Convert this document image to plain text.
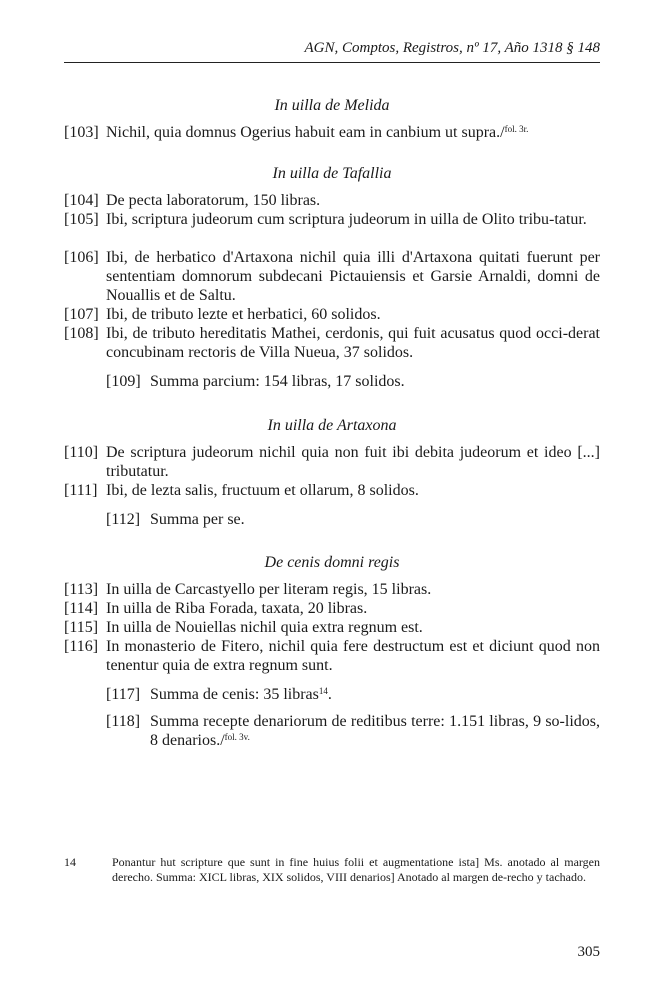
AGN, Comptos, Registros, nº 17, Año 1318 § 148
In uilla de Melida
[103] Nichil, quia domnus Ogerius habuit eam in canbium ut supra./$^{fol. 3r.}$
In uilla de Tafallia
[104] De pecta laboratorum, 150 libras.
[105] Ibi, scriptura judeorum cum scriptura judeorum in uilla de Olito tribu-tatur.
[106] Ibi, de herbatico d'Artaxona nichil quia illi d'Artaxona quitati fuerunt per sententiam domnorum subdecani Pictauiensis et Garsie Arnaldi, domni de Nouallis et de Saltu.
[107] Ibi, de tributo lezte et herbatici, 60 solidos.
[108] Ibi, de tributo hereditatis Mathei, cerdonis, qui fuit acusatus quod occi-derat concubinam rectoris de Villa Nueua, 37 solidos.
[109] Summa parcium: 154 libras, 17 solidos.
In uilla de Artaxona
[110] De scriptura judeorum nichil quia non fuit ibi debita judeorum et ideo [...] tributatur.
[111] Ibi, de lezta salis, fructuum et ollarum, 8 solidos.
[112] Summa per se.
De cenis domni regis
[113] In uilla de Carcastyello per literam regis, 15 libras.
[114] In uilla de Riba Forada, taxata, 20 libras.
[115] In uilla de Nouiellas nichil quia extra regnum est.
[116] In monasterio de Fitero, nichil quia fere destructum est et diciunt quod non tenentur quia de extra regnum sunt.
[117] Summa de cenis: 35 libras$^{14}$.
[118] Summa recepte denariorum de reditibus terre: 1.151 libras, 9 so-lidos, 8 denarios./$^{fol. 3v.}$
14	Ponantur hut scripture que sunt in fine huius folii et augmentatione ista] Ms. anotado al margen derecho. Summa: XICL libras, XIX solidos, VIII denarios] Anotado al margen de-recho y tachado.
305
